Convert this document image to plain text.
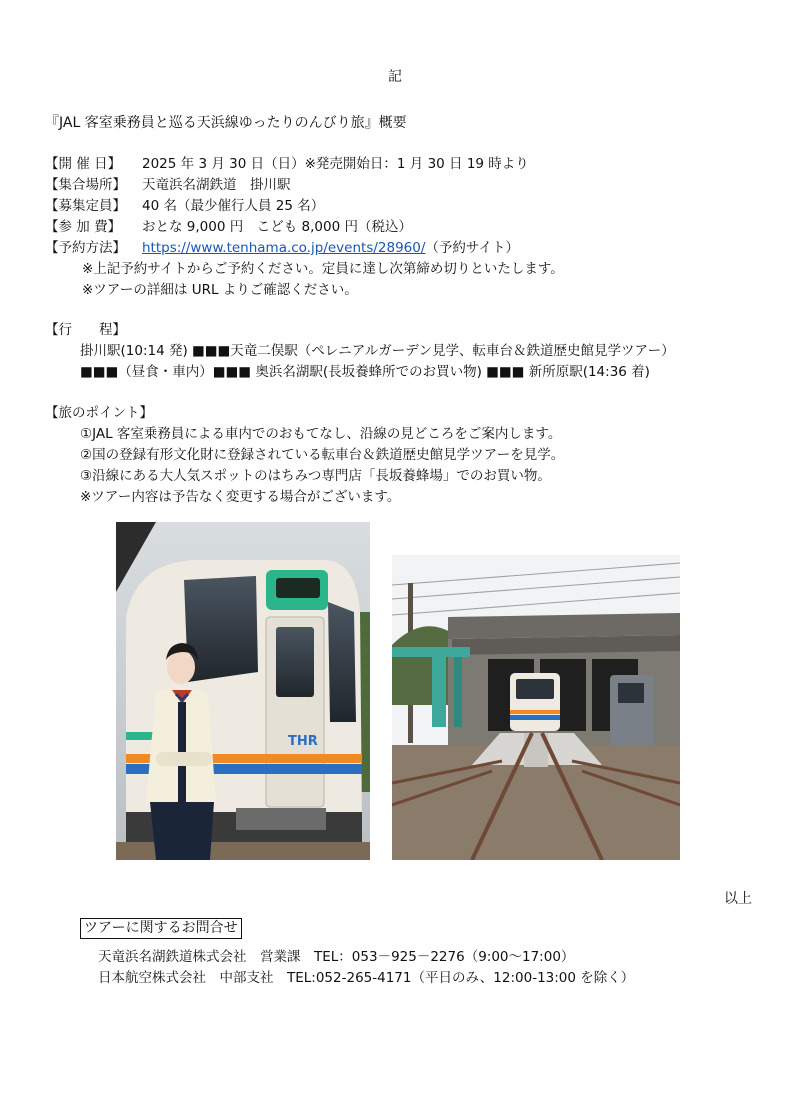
記
『JAL 客室乗務員と巡る天浜線ゆったりのんびり旅』概要
【開 催 日】 2025 年 3 月 30 日（日）※発売開始日：1 月 30 日 19 時より
【集合場所】 天竜浜名湖鉄道　掛川駅
【募集定員】 40 名（最少催行人員 25 名）
【参 加 費】 おとな 9,000 円　こども 8,000 円（税込）
【予約方法】 https://www.tenhama.co.jp/events/28960/（予約サイト）
※上記予約サイトからご予約ください。定員に達し次第締め切りといたします。
※ツアーの詳細は URL よりご確認ください。
【行　　程】
掛川駅(10:14 発) ■■■天竜二俣駅（ペレニアルガーデン見学、転車台＆鉄道歴史館見学ツアー）
■■■（昼食・車内）■■■ 奥浜名湖駅(長坂養蜂所でのお買い物) ■■■ 新所原駅(14:36 着)
【旅のポイント】
①JAL 客室乗務員による車内でのおもてなし、沿線の見どころをご案内します。
②国の登録有形文化財に登録されている転車台＆鉄道歴史館見学ツアーを見学。
③沿線にある大人気スポットのはちみつ専門店「長坂養蜂場」でのお買い物。
※ツアー内容は予告なく変更する場合がございます。
THR
以上
ツアーに関するお問合せ
天竜浜名湖鉄道株式会社　営業課　TEL：053－925－2276（9:00～17:00）
日本航空株式会社　中部支社　TEL:052-265-4171（平日のみ、12:00-13:00 を除く）
